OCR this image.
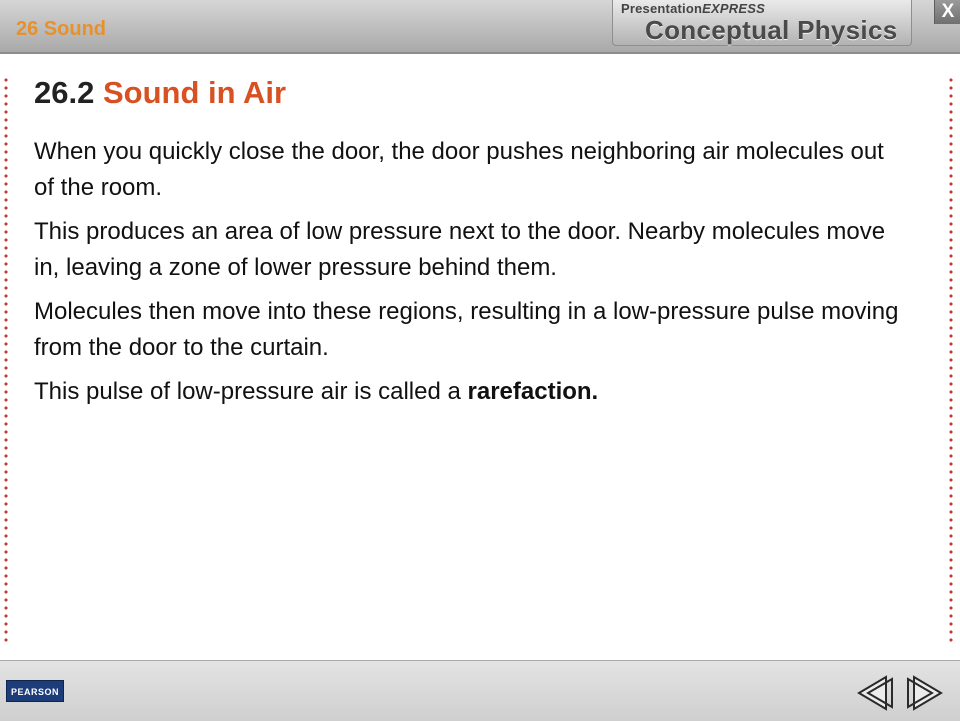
26 Sound
PresentationEXPRESS
Conceptual Physics
X
26.2 Sound in Air

When you quickly close the door, the door pushes neighboring air molecules out of the room.

This produces an area of low pressure next to the door. Nearby molecules move in, leaving a zone of lower pressure behind them.

Molecules then move into these regions, resulting in a low-pressure pulse moving from the door to the curtain.

This pulse of low-pressure air is called a rarefaction.

PEARSON
